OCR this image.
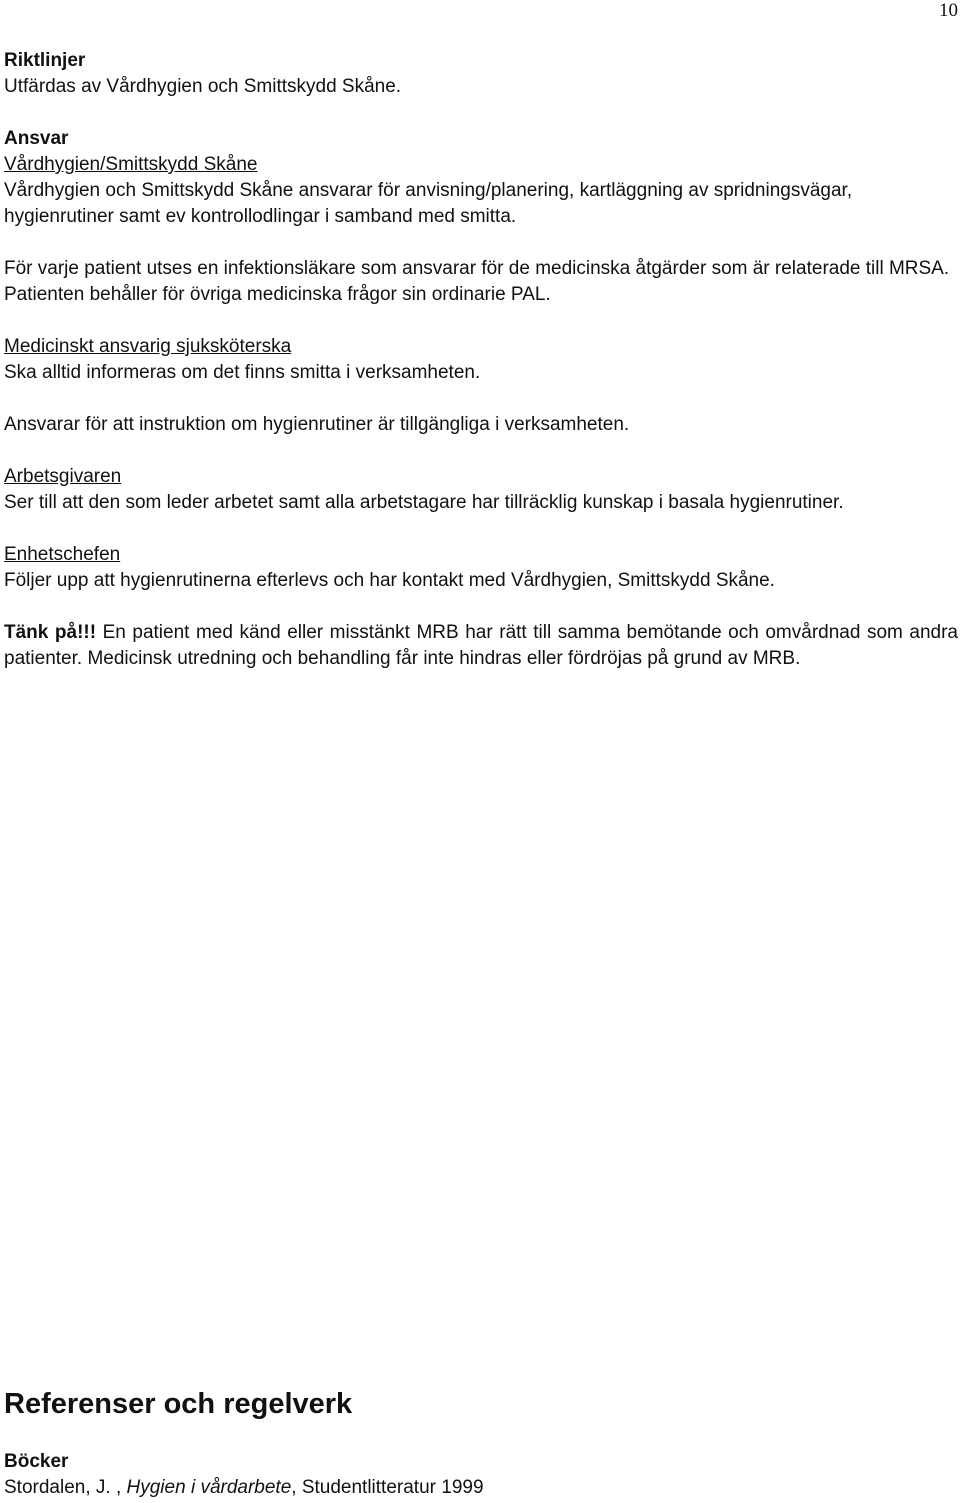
10

Riktlinjer

Utfärdas av Vårdhygien och Smittskydd Skåne.

Ansvar

Vårdhygien/Smittskydd Skåne

Vårdhygien och Smittskydd Skåne ansvarar för anvisning/planering, kartläggning av spridningsvägar, hygienrutiner samt ev kontrollodlingar i samband med smitta.

För varje patient utses en infektionsläkare som ansvarar för de medicinska åtgärder som är relaterade till MRSA. Patienten behåller för övriga medicinska frågor sin ordinarie PAL.

Medicinskt ansvarig sjuksköterska

Ska alltid informeras om det finns smitta i verksamheten.

Ansvarar för att instruktion om hygienrutiner är tillgängliga i verksamheten.

Arbetsgivaren

Ser till att den som leder arbetet samt alla arbetstagare har tillräcklig kunskap i basala hygienrutiner.

Enhetschefen

Följer upp att hygienrutinerna efterlevs och har kontakt med Vårdhygien, Smittskydd Skåne.

Tänk på!!! En patient med känd eller misstänkt MRB har rätt till samma bemötande och omvårdnad som andra patienter. Medicinsk utredning och behandling får inte hindras eller fördröjas på grund av MRB.

Referenser och regelverk

Böcker

Stordalen, J. , Hygien i vårdarbete, Studentlitteratur 1999
